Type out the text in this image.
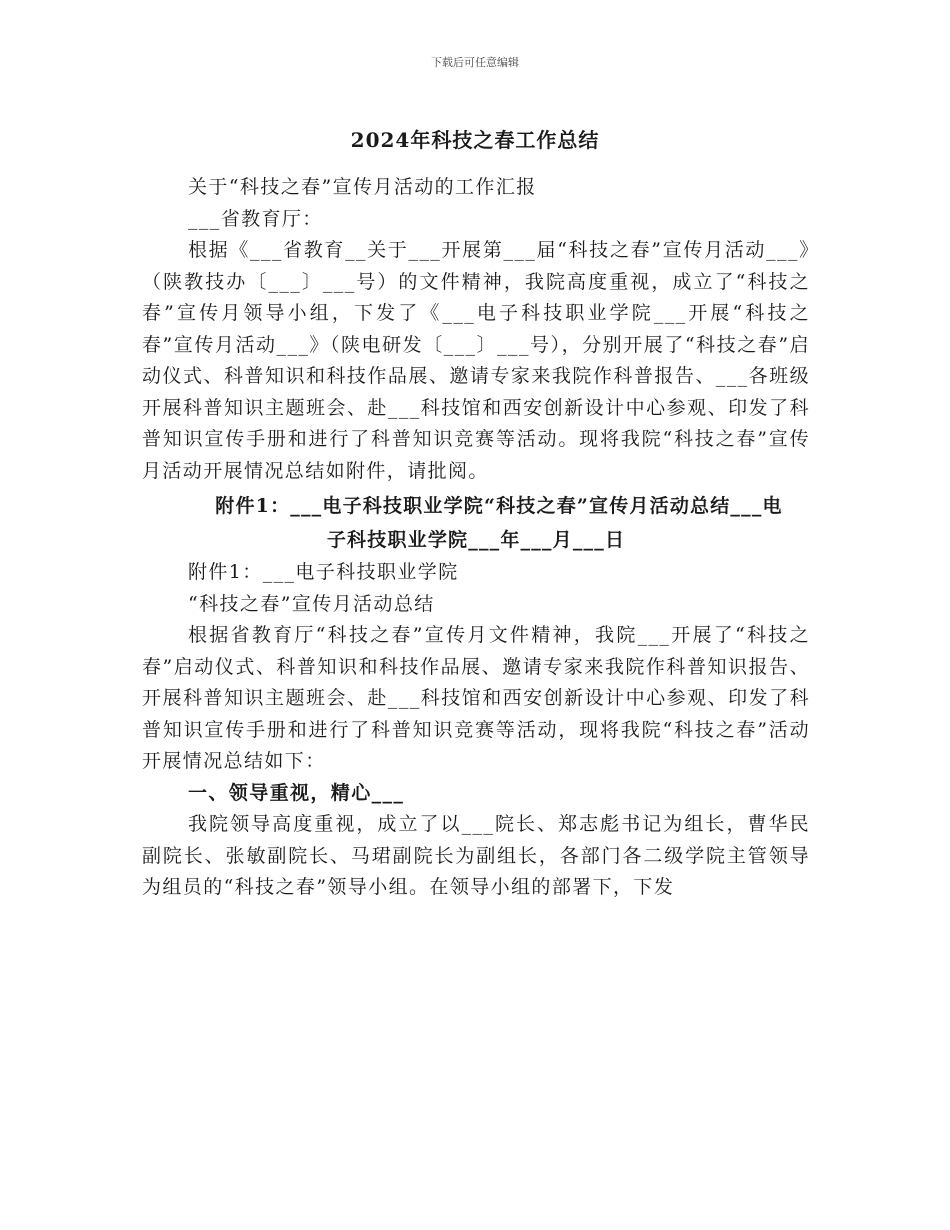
下载后可任意编辑
2024年科技之春工作总结

关于“科技之春”宣传月活动的工作汇报

___省教育厅：

根据《___省教育__关于___开展第___届“科技之春”宣传月活动___》（陕教技办〔___〕___号）的文件精神，我院高度重视，成立了“科技之春”宣传月领导小组，下发了《___电子科技职业学院___开展“科技之春”宣传月活动___》（陕电研发〔___〕___号），分别开展了“科技之春”启动仪式、科普知识和科技作品展、邀请专家来我院作科普报告、___各班级开展科普知识主题班会、赴___科技馆和西安创新设计中心参观、印发了科普知识宣传手册和进行了科普知识竞赛等活动。现将我院“科技之春”宣传月活动开展情况总结如附件，请批阅。

附件1：___电子科技职业学院“科技之春”宣传月活动总结___电

子科技职业学院___年___月___日

附件1：___电子科技职业学院

“科技之春”宣传月活动总结

根据省教育厅“科技之春”宣传月文件精神，我院___开展了“科技之春”启动仪式、科普知识和科技作品展、邀请专家来我院作科普知识报告、开展科普知识主题班会、赴___科技馆和西安创新设计中心参观、印发了科普知识宣传手册和进行了科普知识竞赛等活动，现将我院“科技之春”活动开展情况总结如下：

一、领导重视，精心___

我院领导高度重视，成立了以___院长、郑志彪书记为组长，曹华民副院长、张敏副院长、马珺副院长为副组长，各部门各二级学院主管领导为组员的“科技之春”领导小组。在领导小组的部署下，下发
